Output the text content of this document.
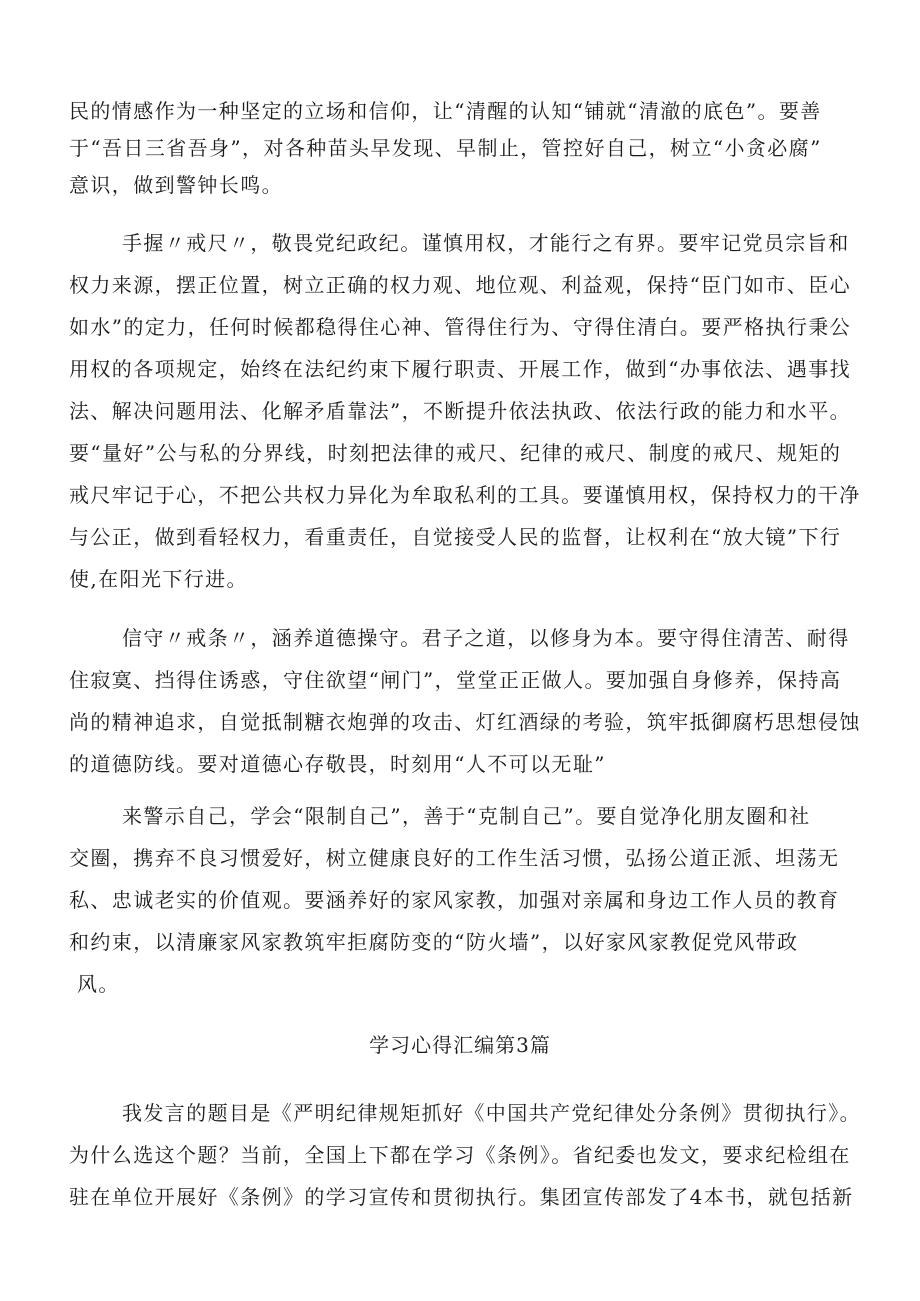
民的情感作为一种坚定的立场和信仰，让“清醒的认知“铺就“清澈的底色”。要善
于“吾日三省吾身”，对各种苗头早发现、早制止，管控好自己，树立“小贪必腐”
意识，做到警钟长鸣。
手握〃戒尺〃，敬畏党纪政纪。谨慎用权，才能行之有界。要牢记党员宗旨和
权力来源，摆正位置，树立正确的权力观、地位观、利益观，保持“臣门如市、臣心
如水”的定力，任何时候都稳得住心神、管得住行为、守得住清白。要严格执行秉公
用权的各项规定，始终在法纪约束下履行职责、开展工作，做到“办事依法、遇事找
法、解决问题用法、化解矛盾靠法”，不断提升依法执政、依法行政的能力和水平。
要“量好”公与私的分界线，时刻把法律的戒尺、纪律的戒尺、制度的戒尺、规矩的
戒尺牢记于心，不把公共权力异化为牟取私利的工具。要谨慎用权，保持权力的干净
与公正，做到看轻权力，看重责任，自觉接受人民的监督，让权利在“放大镜”下行
使,在阳光下行进。
信守〃戒条〃，涵养道德操守。君子之道，以修身为本。要守得住清苦、耐得
住寂寞、挡得住诱惑，守住欲望“闸门”，堂堂正正做人。要加强自身修养，保持高
尚的精神追求，自觉抵制糖衣炮弹的攻击、灯红酒绿的考验，筑牢抵御腐朽思想侵蚀
的道德防线。要对道德心存敬畏，时刻用“人不可以无耻”
来警示自己，学会“限制自己”，善于“克制自己”。要自觉净化朋友圈和社
交圈，携弃不良习惯爱好，树立健康良好的工作生活习惯，弘扬公道正派、坦荡无
私、忠诚老实的价值观。要涵养好的家风家教，加强对亲属和身边工作人员的教育
和约束，以清廉家风家教筑牢拒腐防变的“防火墙”，以好家风家教促党风带政
风。
学习心得汇编第3篇
我发言的题目是《严明纪律规矩抓好《中国共产党纪律处分条例》贯彻执行》。
为什么选这个题？当前，全国上下都在学习《条例》。省纪委也发文，要求纪检组在
驻在单位开展好《条例》的学习宣传和贯彻执行。集团宣传部发了4本书，就包括新
